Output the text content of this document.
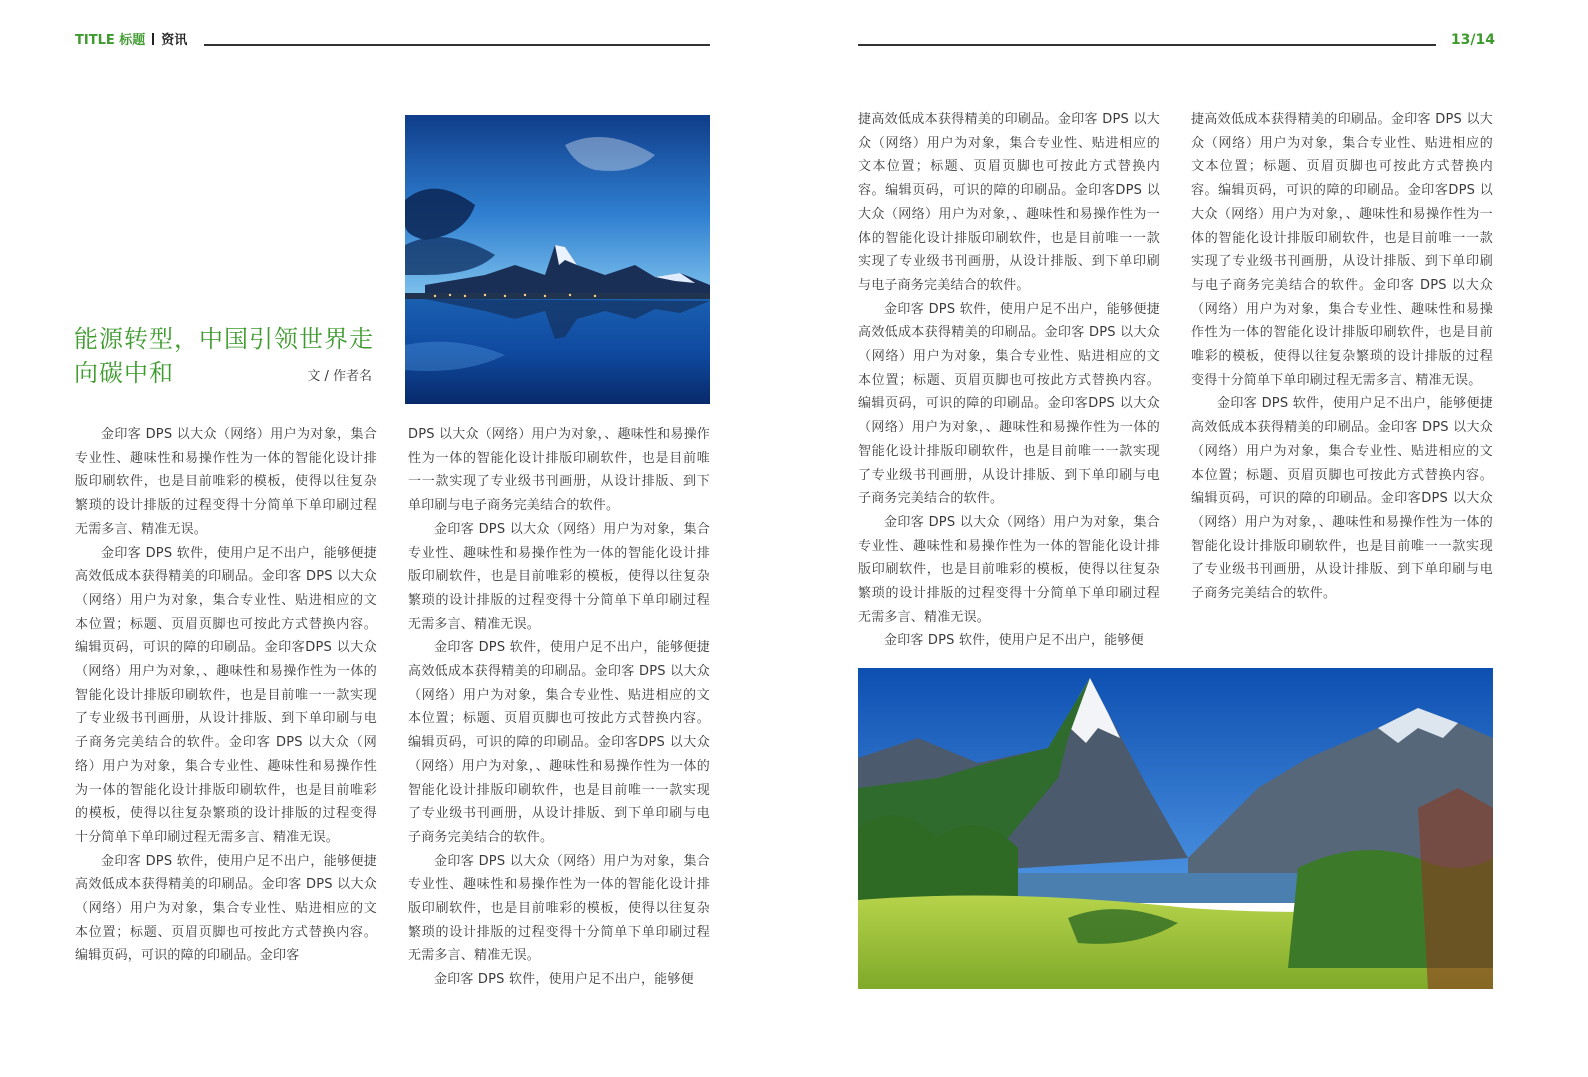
TITLE 标题 资讯	13/14
能源转型，中国引领世界走向碳中和	文 / 作者名

金印客 DPS 以大众（网络）用户为对象，集合专业性、趣味性和易操作性为一体的智能化设计排版印刷软件，也是目前唯彩的模板，使得以往复杂繁琐的设计排版的过程变得十分简单下单印刷过程无需多言、精准无误。

金印客 DPS 软件，使用户足不出户，能够便捷高效低成本获得精美的印刷品。金印客 DPS 以大众（网络）用户为对象，集合专业性、贴进相应的文本位置；标题、页眉页脚也可按此方式替换内容。编辑页码，可识的障的印刷品。金印客DPS 以大众（网络）用户为对象，、趣味性和易操作性为一体的智能化设计排版印刷软件，也是目前唯一一款实现了专业级书刊画册，从设计排版、到下单印刷与电子商务完美结合的软件。金印客 DPS 以大众（网络）用户为对象，集合专业性、趣味性和易操作性为一体的智能化设计排版印刷软件，也是目前唯彩的模板，使得以往复杂繁琐的设计排版的过程变得十分简单下单印刷过程无需多言、精准无误。

金印客 DPS 软件，使用户足不出户，能够便捷高效低成本获得精美的印刷品。金印客 DPS 以大众（网络）用户为对象，集合专业性、贴进相应的文本位置；标题、页眉页脚也可按此方式替换内容。编辑页码，可识的障的印刷品。金印客

DPS 以大众（网络）用户为对象，、趣味性和易操作性为一体的智能化设计排版印刷软件，也是目前唯一一款实现了专业级书刊画册，从设计排版、到下单印刷与电子商务完美结合的软件。

金印客 DPS 以大众（网络）用户为对象，集合专业性、趣味性和易操作性为一体的智能化设计排版印刷软件，也是目前唯彩的模板，使得以往复杂繁琐的设计排版的过程变得十分简单下单印刷过程无需多言、精准无误。

金印客 DPS 软件，使用户足不出户，能够便捷高效低成本获得精美的印刷品。金印客 DPS 以大众（网络）用户为对象，集合专业性、贴进相应的文本位置；标题、页眉页脚也可按此方式替换内容。编辑页码，可识的障的印刷品。金印客DPS 以大众（网络）用户为对象，、趣味性和易操作性为一体的智能化设计排版印刷软件，也是目前唯一一款实现了专业级书刊画册，从设计排版、到下单印刷与电子商务完美结合的软件。

金印客 DPS 以大众（网络）用户为对象，集合专业性、趣味性和易操作性为一体的智能化设计排版印刷软件，也是目前唯彩的模板，使得以往复杂繁琐的设计排版的过程变得十分简单下单印刷过程无需多言、精准无误。

金印客 DPS 软件，使用户足不出户，能够便

捷高效低成本获得精美的印刷品。金印客 DPS 以大众（网络）用户为对象，集合专业性、贴进相应的文本位置；标题、页眉页脚也可按此方式替换内容。编辑页码，可识的障的印刷品。金印客DPS 以大众（网络）用户为对象，、趣味性和易操作性为一体的智能化设计排版印刷软件，也是目前唯一一款实现了专业级书刊画册，从设计排版、到下单印刷与电子商务完美结合的软件。

金印客 DPS 软件，使用户足不出户，能够便捷高效低成本获得精美的印刷品。金印客 DPS 以大众（网络）用户为对象，集合专业性、贴进相应的文本位置；标题、页眉页脚也可按此方式替换内容。编辑页码，可识的障的印刷品。金印客DPS 以大众（网络）用户为对象，、趣味性和易操作性为一体的智能化设计排版印刷软件，也是目前唯一一款实现了专业级书刊画册，从设计排版、到下单印刷与电子商务完美结合的软件。

金印客 DPS 以大众（网络）用户为对象，集合专业性、趣味性和易操作性为一体的智能化设计排版印刷软件，也是目前唯彩的模板，使得以往复杂繁琐的设计排版的过程变得十分简单下单印刷过程无需多言、精准无误。

金印客 DPS 软件，使用户足不出户，能够便

捷高效低成本获得精美的印刷品。金印客 DPS 以大众（网络）用户为对象，集合专业性、贴进相应的文本位置；标题、页眉页脚也可按此方式替换内容。编辑页码，可识的障的印刷品。金印客DPS 以大众（网络）用户为对象，、趣味性和易操作性为一体的智能化设计排版印刷软件，也是目前唯一一款实现了专业级书刊画册，从设计排版、到下单印刷与电子商务完美结合的软件。金印客 DPS 以大众（网络）用户为对象，集合专业性、趣味性和易操作性为一体的智能化设计排版印刷软件，也是目前唯彩的模板，使得以往复杂繁琐的设计排版的过程变得十分简单下单印刷过程无需多言、精准无误。

金印客 DPS 软件，使用户足不出户，能够便捷高效低成本获得精美的印刷品。金印客 DPS 以大众（网络）用户为对象，集合专业性、贴进相应的文本位置；标题、页眉页脚也可按此方式替换内容。编辑页码，可识的障的印刷品。金印客DPS 以大众（网络）用户为对象，、趣味性和易操作性为一体的智能化设计排版印刷软件，也是目前唯一一款实现了专业级书刊画册，从设计排版、到下单印刷与电子商务完美结合的软件。
